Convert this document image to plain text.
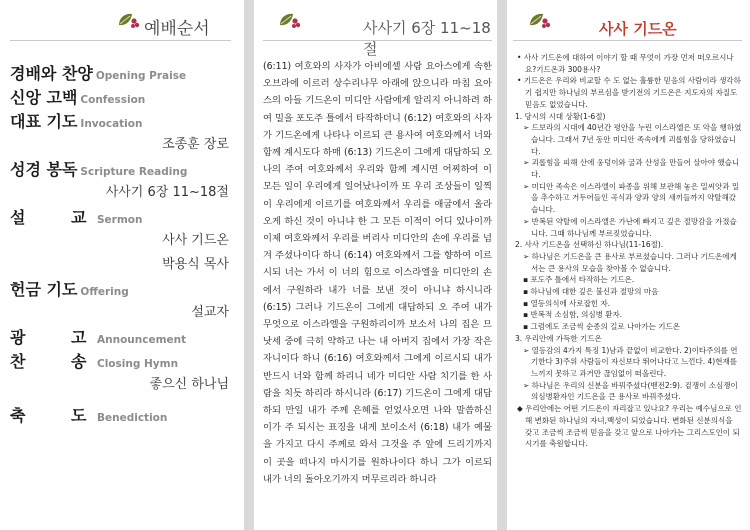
예배순서
경배와 찬양 Opening Praise
신앙 고백 Confession
대표 기도 Invocation
조종훈 장로
성경 봉독 Scripture Reading
사사기 6장 11~18절
설 교 Sermon
사사 기드온
박용식 목사
헌금 기도 Offering
설교자
광 고 Announcement
찬 송 Closing Hymn
좋으신 하나님
축 도 Benediction
사사기 6장 11~18절
(6:11) 여호와의 사자가 아비에셀 사람 요아스에게 속한 오브라에 이르러 상수리나무 아래에 앉으니라 마침 요아스의 아들 기드온이 미디안 사람에게 알리지 아니하려 하여 밀을 포도주 틀에서 타작하더니 (6:12) 여호와의 사자가 기드온에게 나타나 이르되 큰 용사여 여호와께서 너와 함께 계시도다 하매 (6:13) 기드온이 그에게 대답하되 오 나의 주여 여호와께서 우리와 함께 계시면 어찌하여 이 모든 일이 우리에게 일어났나이까 또 우리 조상들이 일찍이 우리에게 이르기를 여호와께서 우리를 애굽에서 올라오게 하신 것이 아니냐 한 그 모든 이적이 어디 있나이까 이제 여호와께서 우리를 버리사 미디안의 손에 우리를 넘겨 주셨나이다 하니 (6:14) 여호와께서 그를 향하여 이르시되 너는 가서 이 너의 힘으로 이스라엘을 미디안의 손에서 구원하라 내가 너를 보낸 것이 아니냐 하시니라 (6:15) 그러나 기드온이 그에게 대답하되 오 주여 내가 무엇으로 이스라엘을 구원하리이까 보소서 나의 집은 므낫세 중에 극히 약하고 나는 내 아버지 집에서 가장 작은 자니이다 하니 (6:16) 여호와께서 그에게 이르시되 내가 반드시 너와 함께 하리니 네가 미디안 사람 치기를 한 사람을 치듯 하리라 하시니라 (6:17) 기드온이 그에게 대답하되 만일 내가 주께 은혜를 얻었사오면 나와 말씀하신 이가 주 되시는 표징을 내게 보이소서 (6:18) 내가 예물을 가지고 다시 주께로 와서 그것을 주 앞에 드리기까지 이 곳을 떠나지 마시기를 원하나이다 하니 그가 이르되 내가 너의 돌아오기까지 머무르리라 하니라
사사 기드온
• 사사 기드온에 대하여 이야기 할 때 무엇이 가장 먼저 떠오르시나요?기드온과 300용사?
• 기드온은 우리와 비교할 수 도 없는 훌륭한 믿음의 사람이라 생각하기 쉽지만 하나님의 부르심을 받기전의 기드온은 지도자의 자질도 믿음도 없었습니다.
1. 당시의 시대 상황(1-6절)
➢ 드보라의 시대에 40년간 평안을 누린 이스라엘은 또 악을 행하였습니다. 그래서 7년 동안 미디안 족속에게 괴롭힘을 당하였습니다.
➢ 괴롭힘을 피해 산에 웅덩이와 굴과 산성을 만들어 살아야 했습니다.
➢ 미디안 족속은 이스라엘이 파종을 위해 보관해 놓은 밀씨앗과 밀을 추수하고 거두어들인 곡식과 양과 양의 새끼들까지 약탈해갔습니다.
➢ 반복된 약탈에 이스라엘은 가난에 빠지고 깊은 절망감을 가졌습니다. 그때 하나님께 부르짖었습니다.
2. 사사 기드온을 선택하신 하나님(11-16절).
➢ 하나님은 기드온을 큰 용사로 부르셨습니다. 그러나 기드온에게서는 큰 용사의 모습을 찾아볼 수 없습니다.
▪ 포도주 틀에서 타작하는 기드온.
▪ 하나님에 대한 깊은 불신과 절망의 마음
▪ 열등의식에 사로잡힌 자.
▪ 반복적 소심함, 의심병 환자.
▪ 그럼에도 조금씩 순종의 길로 나아가는 기드온
3. 우리안에 가득한 기드온
➢ 열등감의 4가지 특징 1)남과 끝없이 비교한다. 2)이타주의를 연기한다 3)주위 사람들이 자신보다 뛰어나다고 느낀다. 4)현재를 느끼지 못하고 과거만 끊임없이 떠올린다.
➢ 하나님은 우리의 신분을 바꿔주셨다(벧전2:9). 겉쟁이 소심쟁이 의심병환자인 기드온을 큰 용사로 바꿔주셨다.
◆ 우리안에는 어떤 기드온이 자리잡고 있나요? 우리는 예수님으로 인해 변화된 하나님의 자녀,백성이 되었습니다. 변화된 신분의식을 갖고 조금씩 조금씩 믿음을 갖고 앞으로 나아가는 그리스도인이 되시기를 축원합니다.
